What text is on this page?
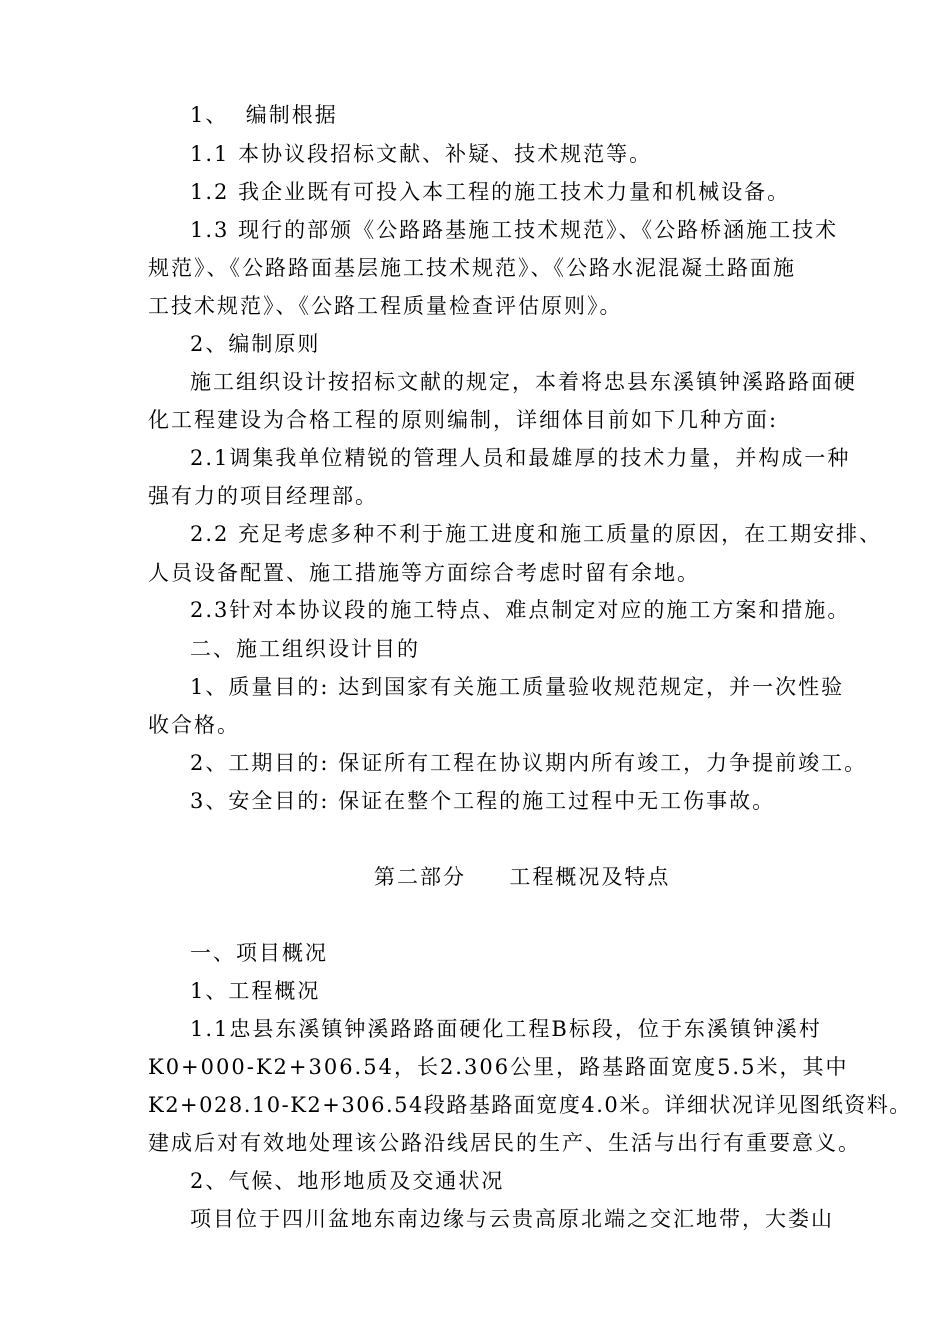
1、  编制根据
1.1 本协议段招标文献、补疑、技术规范等。
1.2 我企业既有可投入本工程的施工技术力量和机械设备。
1.3 现行的部颁《公路路基施工技术规范》、《公路桥涵施工技术
规范》、《公路路面基层施工技术规范》、《公路水泥混凝土路面施
工技术规范》、《公路工程质量检查评估原则》。
2、编制原则
施工组织设计按招标文献的规定，本着将忠县东溪镇钟溪路路面硬
化工程建设为合格工程的原则编制，详细体目前如下几种方面:
2.1调集我单位精锐的管理人员和最雄厚的技术力量，并构成一种
强有力的项目经理部。
2.2 充足考虑多种不利于施工进度和施工质量的原因，在工期安排、
人员设备配置、施工措施等方面综合考虑时留有余地。
2.3针对本协议段的施工特点、难点制定对应的施工方案和措施。
二、施工组织设计目的
1、质量目的: 达到国家有关施工质量验收规范规定，并一次性验
收合格。
2、工期目的: 保证所有工程在协议期内所有竣工，力争提前竣工。
3、安全目的: 保证在整个工程的施工过程中无工伤事故。
第二部分     工程概况及特点
一、项目概况
1、工程概况
1.1忠县东溪镇钟溪路路面硬化工程B标段，位于东溪镇钟溪村
K0+000-K2+306.54，长2.306公里，路基路面宽度5.5米，其中
K2+028.10-K2+306.54段路基路面宽度4.0米。详细状况详见图纸资料。
建成后对有效地处理该公路沿线居民的生产、生活与出行有重要意义。
2、气候、地形地质及交通状况
项目位于四川盆地东南边缘与云贵高原北端之交汇地带，大娄山
